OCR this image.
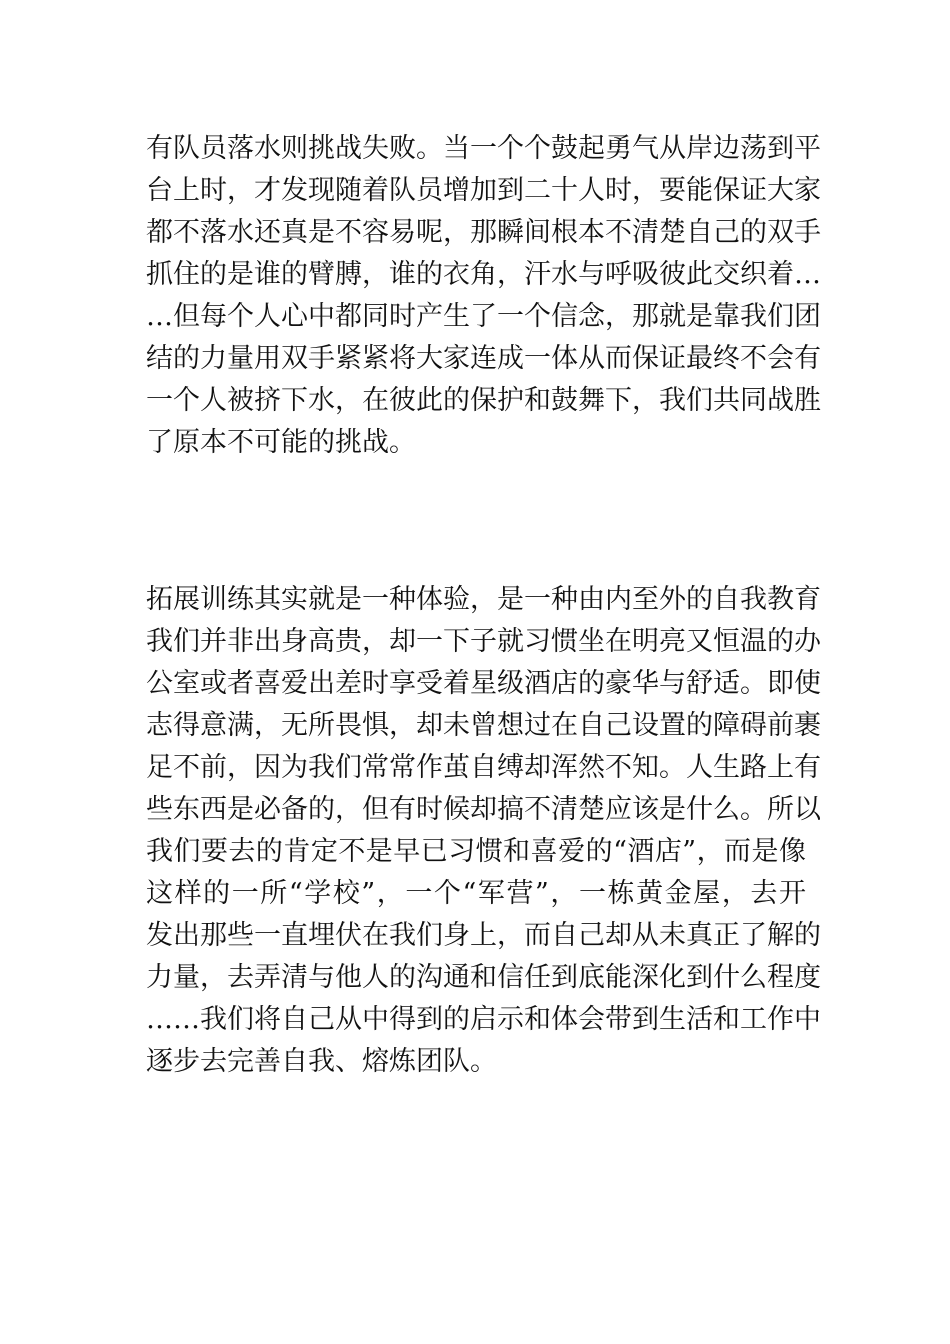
有队员落水则挑战失败。当一个个鼓起勇气从岸边荡到平
台上时，才发现随着队员增加到二十人时，要能保证大家
都不落水还真是不容易呢，那瞬间根本不清楚自己的双手
抓住的是谁的臂膊，谁的衣角，汗水与呼吸彼此交织着…
…但每个人心中都同时产生了一个信念，那就是靠我们团
结的力量用双手紧紧将大家连成一体从而保证最终不会有
一个人被挤下水，在彼此的保护和鼓舞下，我们共同战胜
了原本不可能的挑战。
拓展训练其实就是一种体验，是一种由内至外的自我教育
我们并非出身高贵，却一下子就习惯坐在明亮又恒温的办
公室或者喜爱出差时享受着星级酒店的豪华与舒适。即使
志得意满，无所畏惧，却未曾想过在自己设置的障碍前裹
足不前，因为我们常常作茧自缚却浑然不知。人生路上有
些东西是必备的，但有时候却搞不清楚应该是什么。所以
我们要去的肯定不是早已习惯和喜爱的“酒店”，而是像
这样的一所“学校”，一个“军营”，一栋黄金屋，去开
发出那些一直埋伏在我们身上，而自己却从未真正了解的
力量，去弄清与他人的沟通和信任到底能深化到什么程度
……我们将自己从中得到的启示和体会带到生活和工作中
逐步去完善自我、熔炼团队。
